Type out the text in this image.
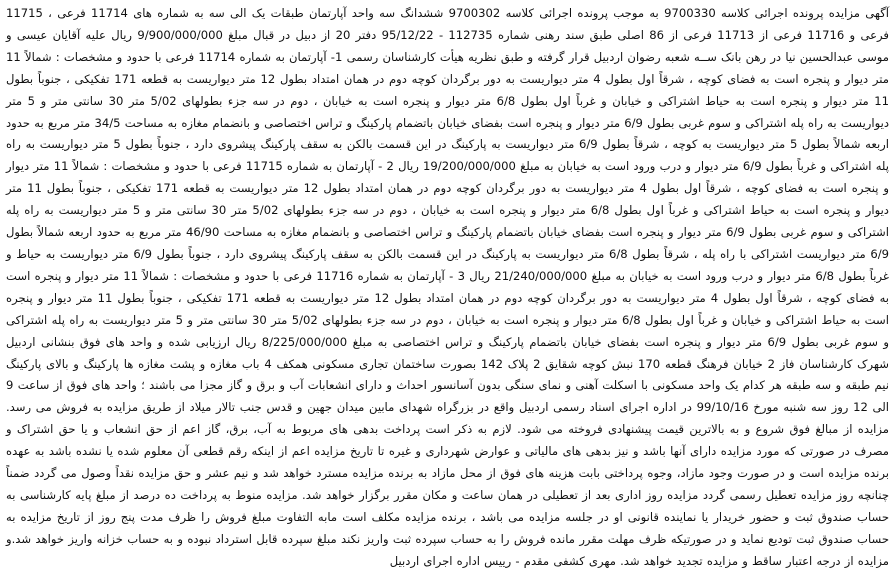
آگهی مزایده پرونده اجرائی کلاسه 9700330 به موجب پرونده اجرائی کلاسه 9700302 ششدانگ سه واحد آپارتمان طبقات یک الی سه به شماره های 11714 فرعی ، 11715 فرعی و 11716 فرعی از 11713 فرعی از 86 اصلی طبق سند رهنی شماره 112735 - 95/12/22 دفتر 20 از دبیل در قبال مبلغ 9/900/000/000 ریال علیه آقایان عیسی و موسی عبدالحسین نیا در رهن بانک ســه شعبه رضوان اردبیل قرار گرفته و طبق نظریه هیأت کارشناسان رسمی 1- آپارتمان به شماره 11714 فرعی با حدود و مشخصات : شمالاً 11 متر دیوار و پنجره است به فضای کوچه ، شرقاً اول بطول 4 متر دیواریست به دور برگردان کوچه دوم در همان امتداد بطول 12 متر دیواریست به قطعه 171 تفکیکی ، جنوباً بطول 11 متر دیوار و پنجره است به حیاط اشتراکی و خیابان و غرباً اول بطول 6/8 متر دیوار و پنجره است به خیابان ، دوم در سه جزء بطولهای 5/02 متر 30 سانتی متر و 5 متر دیواریست به راه پله اشتراکی و سوم غربی بطول 6/9 متر دیوار و پنجره است بفضای خیابان باتضمام پارکینگ و تراس اختصاصی و بانضمام مغازه به مساحت 34/5 متر مربع به حدود اربعه شمالاً بطول 5 متر دیواریست به کوچه ، شرقاً بطول 6/9 متر دیواریست به پارکینگ در این قسمت بالکن به سقف پارکینگ پیشروی دارد ، جنوباً بطول 5 متر دیواریست به راه پله اشتراکی و غرباً بطول 6/9 متر دیوار و درب ورود است به خیابان به مبلغ 19/200/000/000 ریال 2 - آپارتمان به شماره 11715 فرعی با حدود و مشخصات : شمالاً 11 متر دیوار و پنجره است به فضای کوچه ، شرقاً اول بطول 4 متر دیواریست به دور برگردان کوچه دوم در همان امتداد بطول 12 متر دیواریست به قطعه 171 تفکیکی ، جنوباً بطول 11 متر دیوار و پنجره است به حیاط اشتراکی و غرباً اول بطول 6/8 متر دیوار و پنجره است به خیابان ، دوم در سه جزء بطولهای 5/02 متر 30 سانتی متر و 5 متر دیواریست به راه پله اشتراکی و سوم غربی بطول 6/9 متر دیوار و پنجره است بفضای خیابان باتضمام پارکینگ و تراس اختصاصی و بانضمام مغازه به مساحت 46/90 متر مربع به حدود اربعه شمالاً بطول 6/9 متر دیواریست اشتراکی با راه پله ، شرقاً بطول 6/8 متر دیواریست به پارکینگ در این قسمت بالکن به سقف پارکینگ پیشروی دارد ، جنوباً بطول 6/9 متر دیواریست به حیاط و غرباً بطول 6/8 متر دیوار و درب ورود است به خیابان به مبلغ 21/240/000/000 ریال 3 - آپارتمان به شماره 11716 فرعی با حدود و مشخصات : شمالاً 11 متر دیوار و پنجره است به فضای کوچه ، شرقاً اول بطول 4 متر دیواریست به دور برگردان کوچه دوم در همان امتداد بطول 12 متر دیواریست به قطعه 171 تفکیکی ، جنوباً بطول 11 متر دیوار و پنجره است به حیاط اشتراکی و خیابان و غرباً اول بطول 6/8 متر دیوار و پنجره است به خیابان ، دوم در سه جزء بطولهای 5/02 متر 30 سانتی متر و 5 متر دیواریست به راه پله اشتراکی و سوم غربی بطول 6/9 متر دیوار و پنجره است بفضای خیابان باتضمام پارکینگ و تراس اختصاصی به مبلغ 8/225/000/000 ریال ارزیابی شده و واحد های فوق بنشانی اردبیل شهرک کارشناسان فاز 2 خیابان فرهنگ قطعه 170 نبش کوچه شقایق 2 پلاک 142 بصورت ساختمان تجاری مسکونی همکف 4 باب مغازه و پشت مغازه ها پارکینگ و بالای پارکینگ نیم طبقه و سه طبقه هر کدام یک واحد مسکونی با اسکلت آهنی و نمای سنگی بدون آسانسور احداث و دارای انشعابات آب و برق و گاز مجزا می باشند ؛ واحد های فوق از ساعت 9 الی 12 روز سه شنبه مورخ 99/10/16 در اداره اجرای اسناد رسمی اردبیل واقع در بزرگراه شهدای مابین میدان جهین و قدس جنب تالار میلاد از طریق مزایده به فروش می رسد. مزایده از مبالغ فوق شروع و به بالاترین قیمت پیشنهادی فروخته می شود. لازم به ذکر است پرداخت بدهی های مربوط به آب، برق، گاز اعم از حق انشعاب و یا حق اشتراک و مصرف در صورتی که مورد مزایده دارای آنها باشد و نیز بدهی های مالیاتی و عوارض شهرداری و غیره تا تاریخ مزایده اعم از اینکه رقم قطعی آن معلوم شده یا نشده باشد به عهده برنده مزایده است و در صورت وجود مازاد، وجوه پرداختی بابت هزینه های فوق از محل مازاد به برنده مزایده مسترد خواهد شد و نیم عشر و حق مزایده نقداً وصول می گردد ضمناً چنانچه روز مزایده تعطیل رسمی گردد مزایده روز اداری بعد از تعطیلی در همان ساعت و مکان مقرر برگزار خواهد شد. مزایده منوط به پرداخت ده درصد از مبلغ پایه کارشناسی به حساب صندوق ثبت و حضور خریدار یا نماینده قانونی او در جلسه مزایده می باشد ، برنده مزایده مکلف است مابه التفاوت مبلغ فروش را ظرف مدت پنج روز از تاریخ مزایده به حساب صندوق ثبت تودیع نماید و در صورتیکه ظرف مهلت مقرر مانده فروش را به حساب سپرده ثبت واریز نکند مبلغ سپرده قابل استرداد نبوده و به حساب خزانه واریز خواهد شد.و مزایده از درجه اعتبار ساقط و مزایده تجدید خواهد شد. مهری کشفی مقدم - رییس اداره اجرای اردبیل
